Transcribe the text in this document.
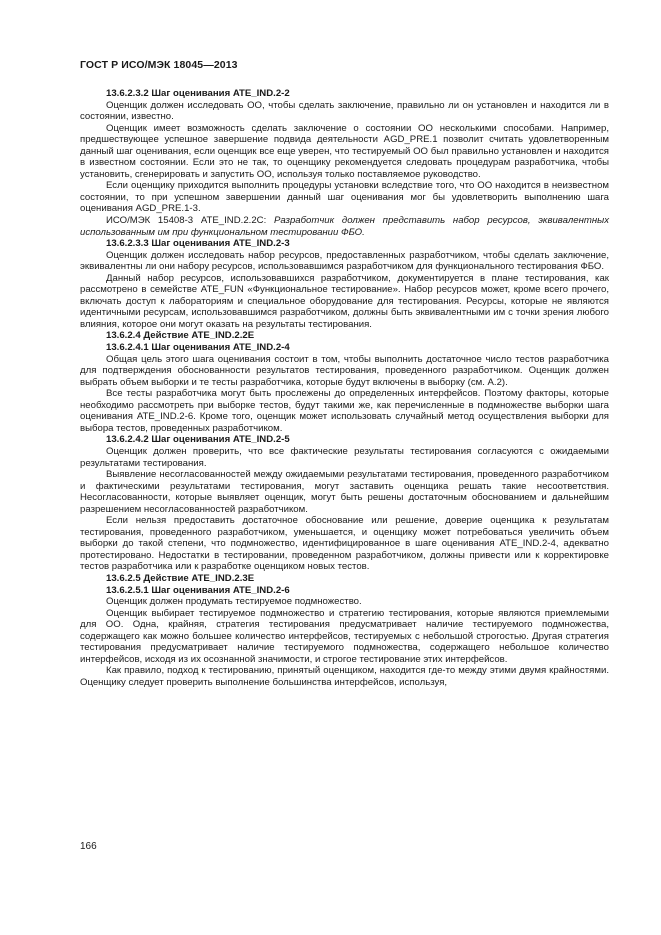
ГОСТ Р ИСО/МЭК 18045—2013

13.6.2.3.2 Шаг оценивания ATE_IND.2-2

Оценщик должен исследовать ОО, чтобы сделать заключение, правильно ли он установлен и находится ли в состоянии, известно.

Оценщик имеет возможность сделать заключение о состоянии ОО несколькими способами. Например, предшествующее успешное завершение подвида деятельности AGD_PRE.1 позволит считать удовлетворенным данный шаг оценивания, если оценщик все еще уверен, что тестируемый ОО был правильно установлен и находится в известном состоянии. Если это не так, то оценщику рекомендуется следовать процедурам разработчика, чтобы установить, сгенерировать и запустить ОО, используя только поставляемое руководство.

Если оценщику приходится выполнить процедуры установки вследствие того, что ОО находится в неизвестном состоянии, то при успешном завершении данный шаг оценивания мог бы удовлетворить выполнению шага оценивания AGD_PRE.1-3.

ИСО/МЭК 15408-3 ATE_IND.2.2C: Разработчик должен представить набор ресурсов, эквивалентных использованным им при функциональном тестировании ФБО.

13.6.2.3.3 Шаг оценивания ATE_IND.2-3

Оценщик должен исследовать набор ресурсов, предоставленных разработчиком, чтобы сделать заключение, эквивалентны ли они набору ресурсов, использовавшимся разработчиком для функционального тестирования ФБО.

Данный набор ресурсов, использовавшихся разработчиком, документируется в плане тестирования, как рассмотрено в семействе ATE_FUN «Функциональное тестирование». Набор ресурсов может, кроме всего прочего, включать доступ к лабораториям и специальное оборудование для тестирования. Ресурсы, которые не являются идентичными ресурсам, использовавшимся разработчиком, должны быть эквивалентными им с точки зрения любого влияния, которое они могут оказать на результаты тестирования.

13.6.2.4 Действие ATE_IND.2.2E

13.6.2.4.1 Шаг оценивания ATE_IND.2-4

Общая цель этого шага оценивания состоит в том, чтобы выполнить достаточное число тестов разработчика для подтверждения обоснованности результатов тестирования, проведенного разработчиком. Оценщик должен выбрать объем выборки и те тесты разработчика, которые будут включены в выборку (см. А.2).

Все тесты разработчика могут быть прослежены до определенных интерфейсов. Поэтому факторы, которые необходимо рассмотреть при выборке тестов, будут такими же, как перечисленные в подмножестве выборки шага оценивания ATE_IND.2-6. Кроме того, оценщик может использовать случайный метод осуществления выборки для выбора тестов, проведенных разработчиком.

13.6.2.4.2 Шаг оценивания ATE_IND.2-5

Оценщик должен проверить, что все фактические результаты тестирования согласуются с ожидаемыми результатами тестирования.

Выявление несогласованностей между ожидаемыми результатами тестирования, проведенного разработчиком и фактическими результатами тестирования, могут заставить оценщика решать такие несоответствия. Несогласованности, которые выявляет оценщик, могут быть решены достаточным обоснованием и дальнейшим разрешением несогласованностей разработчиком.

Если нельзя предоставить достаточное обоснование или решение, доверие оценщика к результатам тестирования, проведенного разработчиком, уменьшается, и оценщику может потребоваться увеличить объем выборки до такой степени, что подмножество, идентифицированное в шаге оценивания ATE_IND.2-4, адекватно протестировано. Недостатки в тестировании, проведенном разработчиком, должны привести или к корректировке тестов разработчика или к разработке оценщиком новых тестов.

13.6.2.5 Действие ATE_IND.2.3E

13.6.2.5.1 Шаг оценивания ATE_IND.2-6

Оценщик должен продумать тестируемое подмножество.

Оценщик выбирает тестируемое подмножество и стратегию тестирования, которые являются приемлемыми для ОО. Одна, крайняя, стратегия тестирования предусматривает наличие тестируемого подмножества, содержащего как можно большее количество интерфейсов, тестируемых с небольшой строгостью. Другая стратегия тестирования предусматривает наличие тестируемого подмножества, содержащего небольшое количество интерфейсов, исходя из их осознанной значимости, и строгое тестирование этих интерфейсов.

Как правило, подход к тестированию, принятый оценщиком, находится где-то между этими двумя крайностями. Оценщику следует проверить выполнение большинства интерфейсов, используя,

166
